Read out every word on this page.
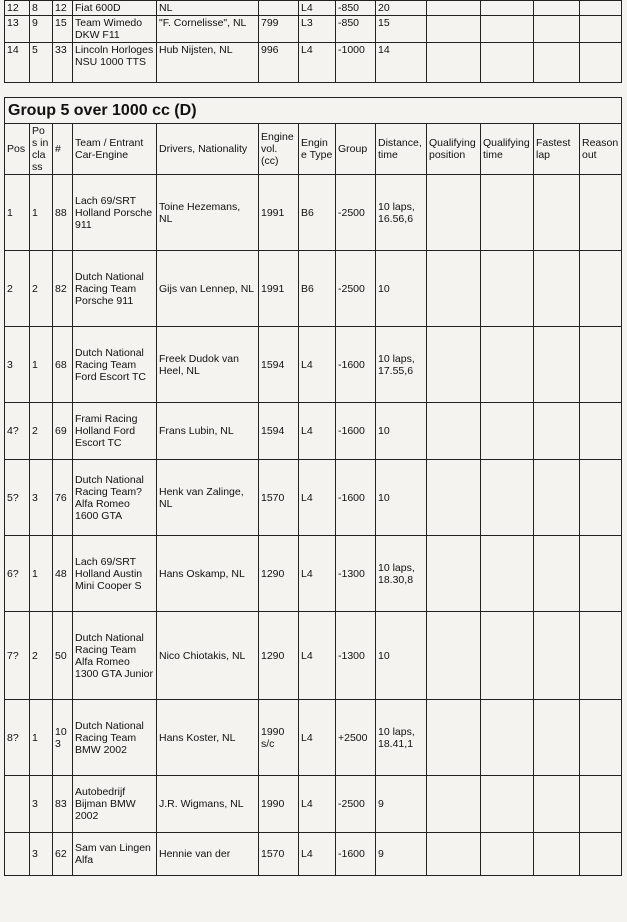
12	8	12	Fiat 600D	NL		L4	-850	20				
13	9	15	Team Wimedo DKW F11	"F. Cornelisse", NL	799	L3	-850	15				
14	5	33	Lincoln Horloges NSU 1000 TTS	Hub Nijsten, NL	996	L4	-1000	14				
Group 5 over 1000 cc (D)												
Pos	Pos in class	#	Team / Entrant Car-Engine	Drivers, Nationality	Engine vol. (cc)	Engine Type	Group	Distance, time	Qualifying position	Qualifying time	Fastest lap	Reason out
1	1	88	Lach 69/SRT Holland Porsche 911	Toine Hezemans, NL	1991	B6	-2500	10 laps, 16.56,6				
2	2	82	Dutch National Racing Team Porsche 911	Gijs van Lennep, NL	1991	B6	-2500	10				
3	1	68	Dutch National Racing Team Ford Escort TC	Freek Dudok van Heel, NL	1594	L4	-1600	10 laps, 17.55,6				
4?	2	69	Frami Racing Holland Ford Escort TC	Frans Lubin, NL	1594	L4	-1600	10				
5?	3	76	Dutch National Racing Team? Alfa Romeo 1600 GTA	Henk van Zalinge, NL	1570	L4	-1600	10				
6?	1	48	Lach 69/SRT Holland Austin Mini Cooper S	Hans Oskamp, NL	1290	L4	-1300	10 laps, 18.30,8				
7?	2	50	Dutch National Racing Team Alfa Romeo 1300 GTA Junior	Nico Chiotakis, NL	1290	L4	-1300	10				
8?	1	103	Dutch National Racing Team BMW 2002	Hans Koster, NL	1990 s/c	L4	+2500	10 laps, 18.41,1				
	3	83	Autobedrijf Bijman BMW 2002	J.R. Wigmans, NL	1990	L4	-2500	9				
	3	62	Sam van Lingen Alfa	Hennie van der	1570	L4	-1600	9				
